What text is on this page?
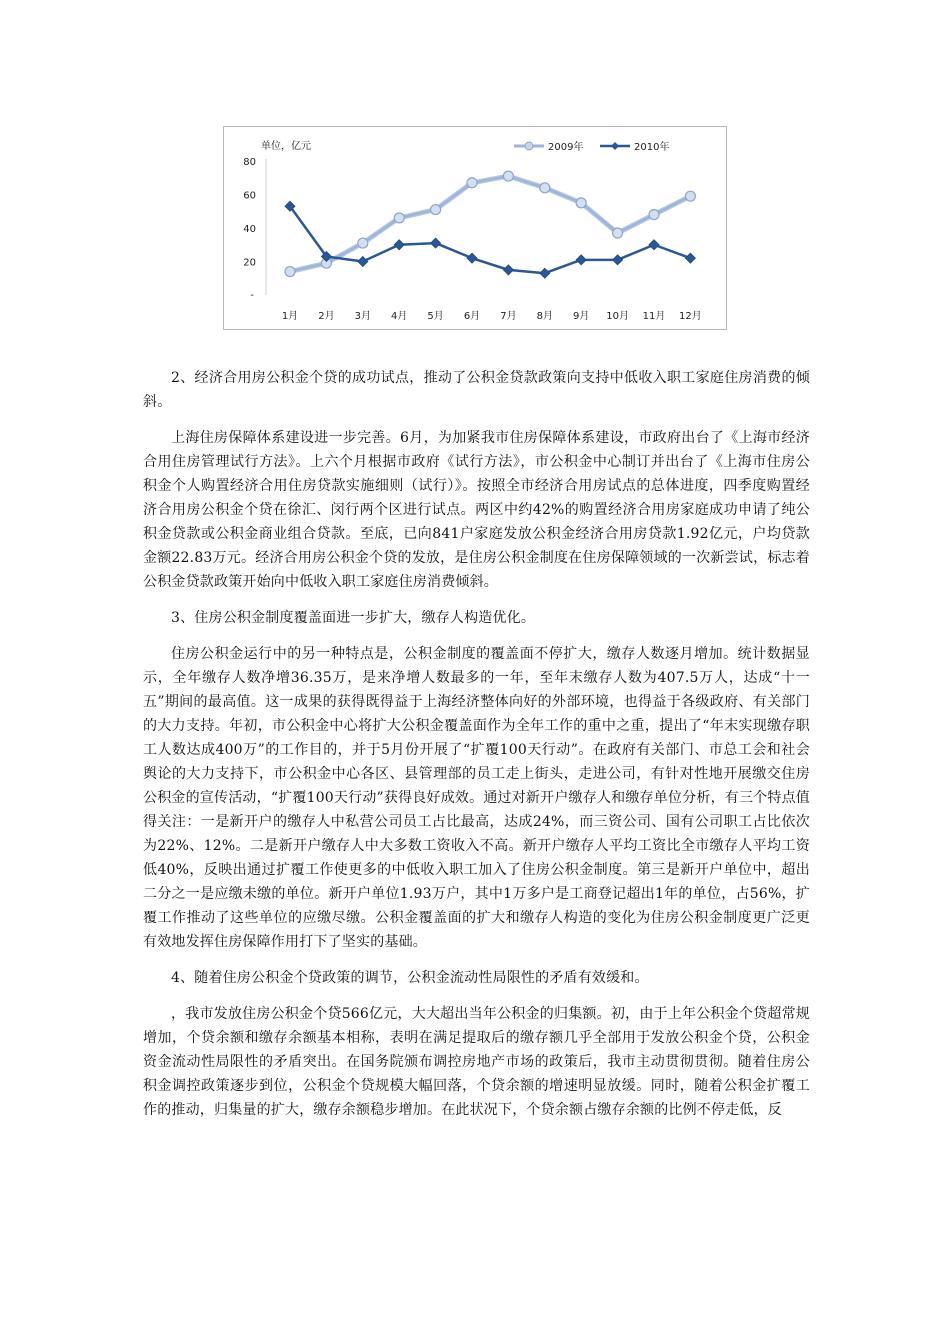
单位，亿元	2009年	2010年
80
60
40
20
-
1月 2月 3月 4月 5月 6月 7月 8月 9月 10月 11月 12月

2、经济合用房公积金个贷的成功试点，推动了公积金贷款政策向支持中低收入职工家庭住房消费的倾斜。

上海住房保障体系建设进一步完善。6月，为加紧我市住房保障体系建设，市政府出台了《上海市经济合用住房管理试行方法》。上六个月根据市政府《试行方法》，市公积金中心制订并出台了《上海市住房公积金个人购置经济合用住房贷款实施细则（试行）》。按照全市经济合用房试点的总体进度，四季度购置经济合用房公积金个贷在徐汇、闵行两个区进行试点。两区中约42%的购置经济合用房家庭成功申请了纯公积金贷款或公积金商业组合贷款。至底，已向841户家庭发放公积金经济合用房贷款1.92亿元，户均贷款金额22.83万元。经济合用房公积金个贷的发放，是住房公积金制度在住房保障领域的一次新尝试，标志着公积金贷款政策开始向中低收入职工家庭住房消费倾斜。

3、住房公积金制度覆盖面进一步扩大，缴存人构造优化。

住房公积金运行中的另一种特点是，公积金制度的覆盖面不停扩大，缴存人数逐月增加。统计数据显示，全年缴存人数净增36.35万，是来净增人数最多的一年，至年末缴存人数为407.5万人，达成“十一五”期间的最高值。这一成果的获得既得益于上海经济整体向好的外部环境，也得益于各级政府、有关部门的大力支持。年初，市公积金中心将扩大公积金覆盖面作为全年工作的重中之重，提出了“年末实现缴存职工人数达成400万”的工作目的，并于5月份开展了“扩覆100天行动”。在政府有关部门、市总工会和社会舆论的大力支持下，市公积金中心各区、县管理部的员工走上街头，走进公司，有针对性地开展缴交住房公积金的宣传活动，“扩覆100天行动”获得良好成效。通过对新开户缴存人和缴存单位分析，有三个特点值得关注：一是新开户的缴存人中私营公司员工占比最高，达成24%，而三资公司、国有公司职工占比依次为22%、12%。二是新开户缴存人中大多数工资收入不高。新开户缴存人平均工资比全市缴存人平均工资低40%，反映出通过扩覆工作使更多的中低收入职工加入了住房公积金制度。第三是新开户单位中，超出二分之一是应缴未缴的单位。新开户单位1.93万户，其中1万多户是工商登记超出1年的单位，占56%，扩覆工作推动了这些单位的应缴尽缴。公积金覆盖面的扩大和缴存人构造的变化为住房公积金制度更广泛更有效地发挥住房保障作用打下了坚实的基础。

4、随着住房公积金个贷政策的调节，公积金流动性局限性的矛盾有效缓和。

，我市发放住房公积金个贷566亿元，大大超出当年公积金的归集额。初，由于上年公积金个贷超常规增加，个贷余额和缴存余额基本相称，表明在满足提取后的缴存额几乎全部用于发放公积金个贷，公积金资金流动性局限性的矛盾突出。在国务院颁布调控房地产市场的政策后，我市主动贯彻贯彻。随着住房公积金调控政策逐步到位，公积金个贷规模大幅回落，个贷余额的增速明显放缓。同时，随着公积金扩覆工作的推动，归集量的扩大，缴存余额稳步增加。在此状况下，个贷余额占缴存余额的比例不停走低，反
